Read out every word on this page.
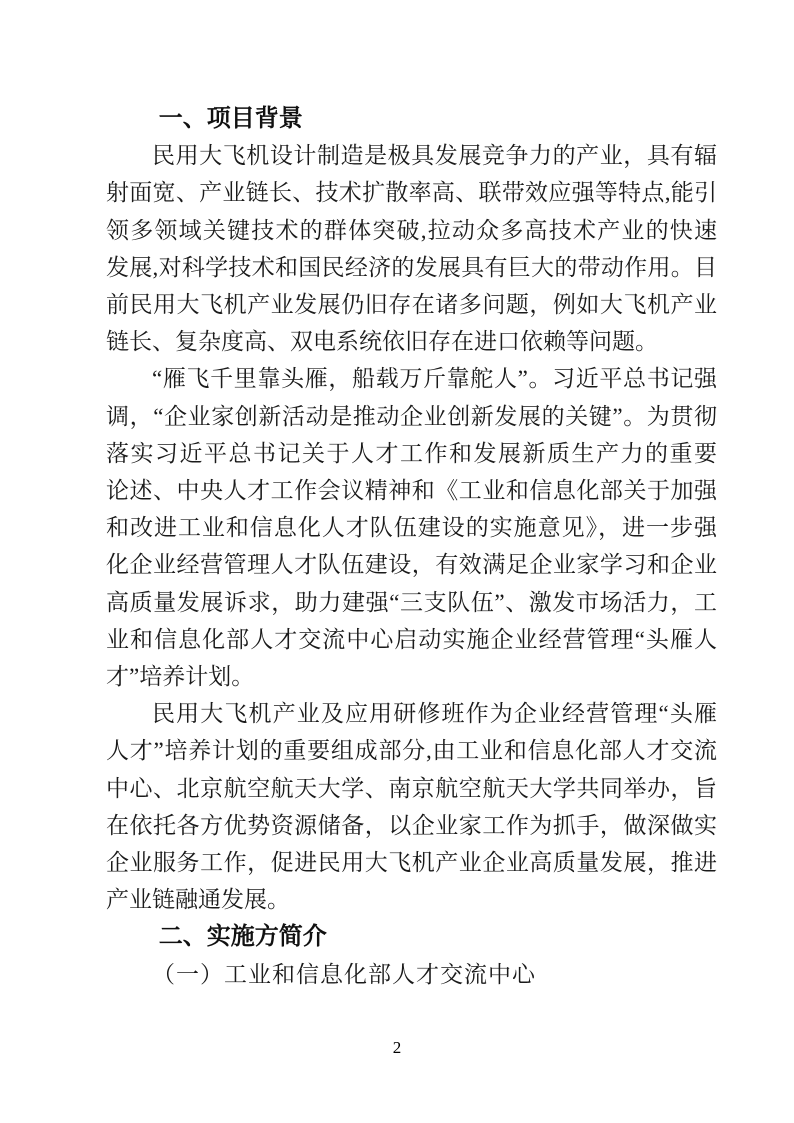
一、项目背景
民用大飞机设计制造是极具发展竞争力的产业，具有辐
射面宽、产业链长、技术扩散率高、联带效应强等特点,能引
领多领域关键技术的群体突破,拉动众多高技术产业的快速
发展,对科学技术和国民经济的发展具有巨大的带动作用。目
前民用大飞机产业发展仍旧存在诸多问题，例如大飞机产业
链长、复杂度高、双电系统依旧存在进口依赖等问题。
“雁飞千里靠头雁，船载万斤靠舵人”。习近平总书记强
调，“企业家创新活动是推动企业创新发展的关键”。为贯彻
落实习近平总书记关于人才工作和发展新质生产力的重要
论述、中央人才工作会议精神和《工业和信息化部关于加强
和改进工业和信息化人才队伍建设的实施意见》，进一步强
化企业经营管理人才队伍建设，有效满足企业家学习和企业
高质量发展诉求，助力建强“三支队伍”、激发市场活力，工
业和信息化部人才交流中心启动实施企业经营管理“头雁人
才”培养计划。
民用大飞机产业及应用研修班作为企业经营管理“头雁
人才”培养计划的重要组成部分,由工业和信息化部人才交流
中心、北京航空航天大学、南京航空航天大学共同举办，旨
在依托各方优势资源储备，以企业家工作为抓手，做深做实
企业服务工作，促进民用大飞机产业企业高质量发展，推进
产业链融通发展。
二、实施方简介
（一）工业和信息化部人才交流中心
2
